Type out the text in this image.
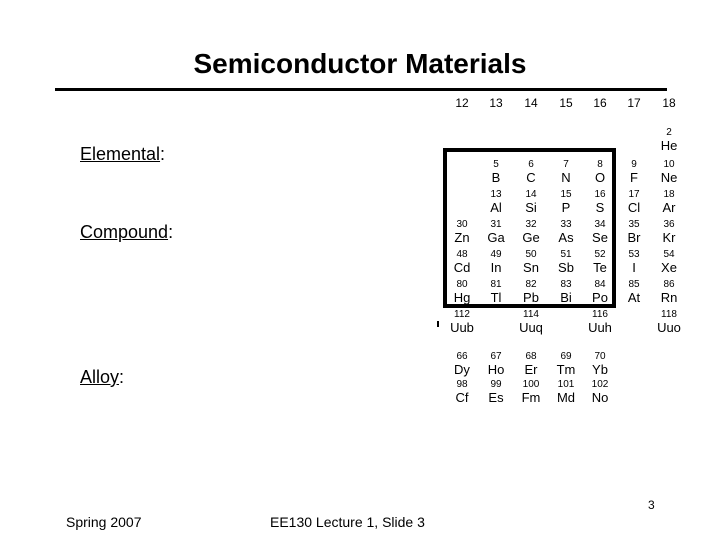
Semiconductor Materials
Elemental:
Compound:
Alloy:
12 13 14 15 16 17 18
2
He
5
B
6
C
7
N
8
O
9
F
10
Ne
13
Al
14
Si
15
P
16
S
17
Cl
18
Ar
30
Zn
31
Ga
32
Ge
33
As
34
Se
35
Br
36
Kr
48
Cd
49
In
50
Sn
51
Sb
52
Te
53
I
54
Xe
80
Hg
81
Tl
82
Pb
83
Bi
84
Po
85
At
86
Rn
112
Uub
114
Uuq
116
Uuh
118
Uuo
66
Dy
67
Ho
68
Er
69
Tm
70
Yb
98
Cf
99
Es
100
Fm
101
Md
102
No
Spring 2007	EE130 Lecture 1, Slide 3
3
